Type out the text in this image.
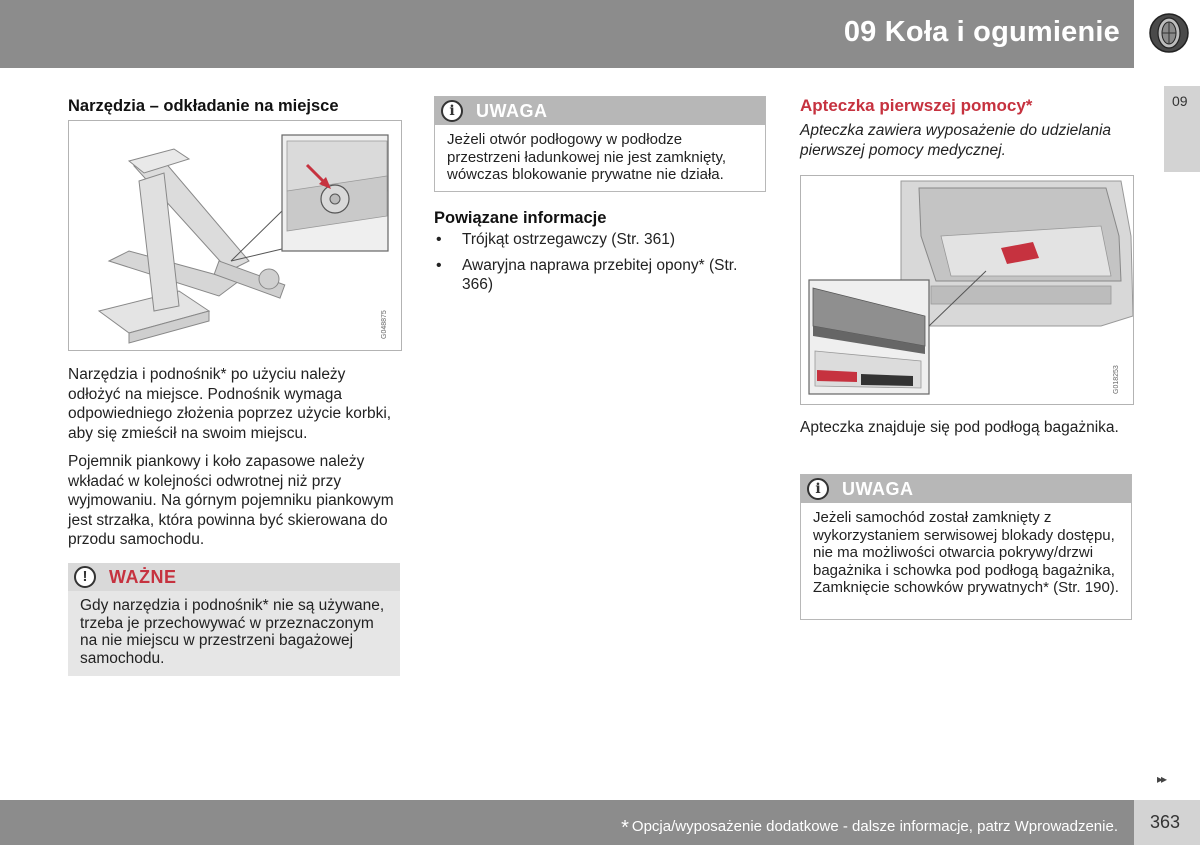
09 Koła i ogumienie
09
Narzędzia – odkładanie na miejsce
G048875

Narzędzia i podnośnik* po użyciu należy odłożyć na miejsce. Podnośnik wymaga odpowiedniego złożenia poprzez użycie korbki, aby się zmieścił na swoim miejscu.

Pojemnik piankowy i koło zapasowe należy wkładać w kolejności odwrotnej niż przy wyjmowaniu. Na górnym pojemniku piankowym jest strzałka, która powinna być skierowana do przodu samochodu.

!	WAŻNE
Gdy narzędzia i podnośnik* nie są używane, trzeba je przechowywać w przeznaczonym na nie miejscu w przestrzeni bagażowej samochodu.
i	UWAGA
Jeżeli otwór podłogowy w podłodze przestrzeni ładunkowej nie jest zamknięty, wówczas blokowanie prywatne nie działa.
Powiązane informacje
• Trójkąt ostrzegawczy (Str. 361)
• Awaryjna naprawa przebitej opony* (Str. 366)
Apteczka pierwszej pomocy*

Apteczka zawiera wyposażenie do udzielania pierwszej pomocy medycznej.

G018253

Apteczka znajduje się pod podłogą bagażnika.

i	UWAGA
Jeżeli samochód został zamknięty z wykorzystaniem serwisowej blokady dostępu, nie ma możliwości otwarcia pokrywy/drzwi bagażnika i schowka pod podłogą bagażnika, Zamknięcie schowków prywatnych* (Str. 190).
▸▸
* Opcja/wyposażenie dodatkowe - dalsze informacje, patrz Wprowadzenie. 363
